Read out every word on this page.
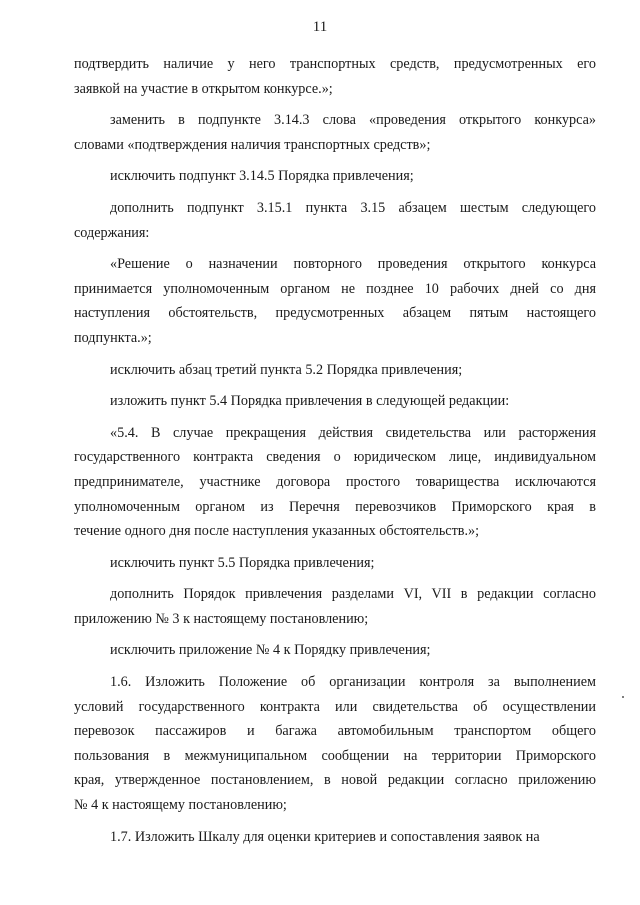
11
подтвердить наличие у него транспортных средств, предусмотренных его
заявкой на участие в открытом конкурсе.»;
заменить в подпункте 3.14.3 слова «проведения открытого конкурса»
словами «подтверждения наличия транспортных средств»;
исключить подпункт 3.14.5 Порядка привлечения;
дополнить подпункт 3.15.1 пункта 3.15 абзацем шестым следующего
содержания:
«Решение о назначении повторного проведения открытого конкурса
принимается уполномоченным органом не позднее 10 рабочих дней со дня
наступления обстоятельств, предусмотренных абзацем пятым настоящего
подпункта.»;
исключить абзац третий пункта 5.2 Порядка привлечения;
изложить пункт 5.4 Порядка привлечения в следующей редакции:
«5.4. В случае прекращения действия свидетельства или расторжения
государственного контракта сведения о юридическом лице, индивидуальном
предпринимателе, участнике договора простого товарищества исключаются
уполномоченным органом из Перечня перевозчиков Приморского края в
течение одного дня после наступления указанных обстоятельств.»;
исключить пункт 5.5 Порядка привлечения;
дополнить Порядок привлечения разделами VI, VII в редакции согласно
приложению № 3 к настоящему постановлению;
исключить приложение № 4 к Порядку привлечения;
1.6. Изложить Положение об организации контроля за выполнением
условий государственного контракта или свидетельства об осуществлении
перевозок пассажиров и багажа автомобильным транспортом общего
пользования в межмуниципальном сообщении на территории Приморского
края, утвержденное постановлением, в новой редакции согласно приложению
№ 4 к настоящему постановлению;
1.7. Изложить Шкалу для оценки критериев и сопоставления заявок на
